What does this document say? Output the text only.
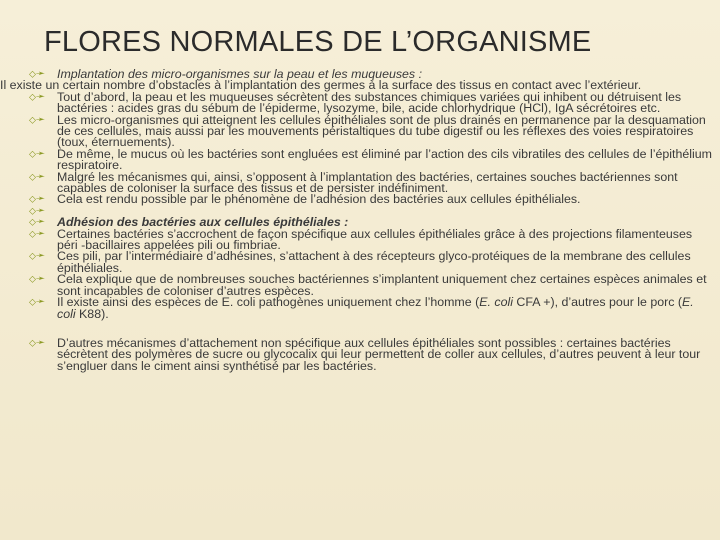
FLORES NORMALES DE L’ORGANISME
⬦➛ Implantation des micro-organismes sur la peau et les muqueuses :
Il existe un certain nombre d’obstacles à l’implantation des germes à la surface des tissus en contact avec l’extérieur.
⬦➛ Tout d’abord, la peau et les muqueuses sécrètent des substances chimiques variées qui inhibent ou détruisent les bactéries : acides gras du sébum de l’épiderme, lysozyme, bile, acide chlorhydrique (HCl), IgA sécrétoires etc.
⬦➛ Les micro-organismes qui atteignent les cellules épithéliales sont de plus drainés en permanence par la desquamation de ces cellules, mais aussi par les mouvements péristaltiques du tube digestif ou les réflexes des voies respiratoires (toux, éternuements).
⬦➛ De même, le mucus où les bactéries sont engluées est éliminé par l’action des cils vibratiles des cellules de l’épithélium respiratoire.
⬦➛ Malgré les mécanismes qui, ainsi, s’opposent à l’implantation des bactéries, certaines souches bactériennes sont capables de coloniser la surface des tissus et de persister indéfiniment.
⬦➛ Cela est rendu possible par le phénomène de l’adhésion des bactéries aux cellules épithéliales.
⬦➛
⬦➛ Adhésion des bactéries aux cellules épithéliales :
⬦➛ Certaines bactéries s’accrochent de façon spécifique aux cellules épithéliales grâce à des projections filamenteuses péri -bacillaires appelées pili ou fimbriae.
⬦➛ Ces pili, par l’intermédiaire d’adhésines, s’attachent à des récepteurs glyco-protéiques de la membrane des cellules épithéliales.
⬦➛ Cela explique que de nombreuses souches bactériennes s’implantent uniquement chez certaines espèces animales et sont incapables de coloniser d’autres espèces.
⬦➛ Il existe ainsi des espèces de E. coli pathogènes uniquement chez l’homme (E. coli CFA +), d’autres pour le porc (E. coli K88).
⬦➛ D’autres mécanismes d’attachement non spécifique aux cellules épithéliales sont possibles : certaines bactéries sécrètent des polymères de sucre ou glycocalix qui leur permettent de coller aux cellules, d’autres peuvent à leur tour s’engluer dans le ciment ainsi synthétisé par les bactéries.
